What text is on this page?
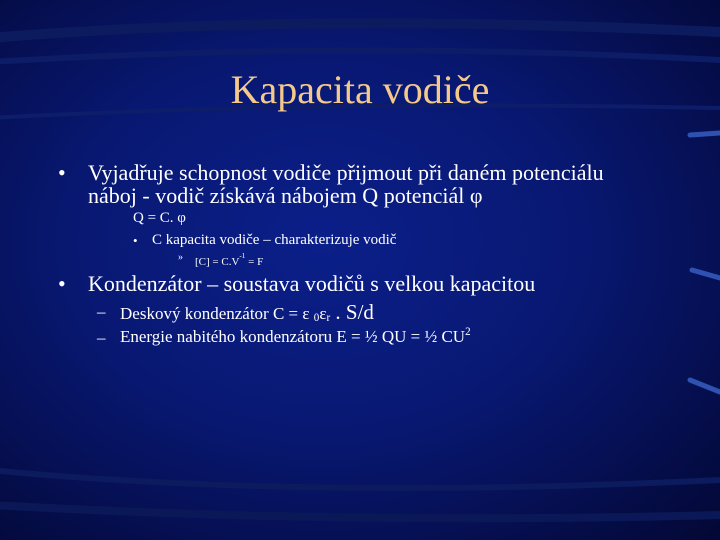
Kapacita vodiče
• Vyjadřuje schopnost vodiče přijmout při daném potenciálu
náboj - vodič získává nábojem Q potenciál φ
Q = C. φ
• C kapacita vodiče – charakterizuje vodič
» $[C] = C.V^{-1} = F$
• Kondenzátor – soustava vodičů s velkou kapacitou
– Deskový kondenzátor C = ε $_0\varepsilon_r$ . S/d
– Energie nabitého kondenzátoru E = ½ QU = ½ $CU^2$
